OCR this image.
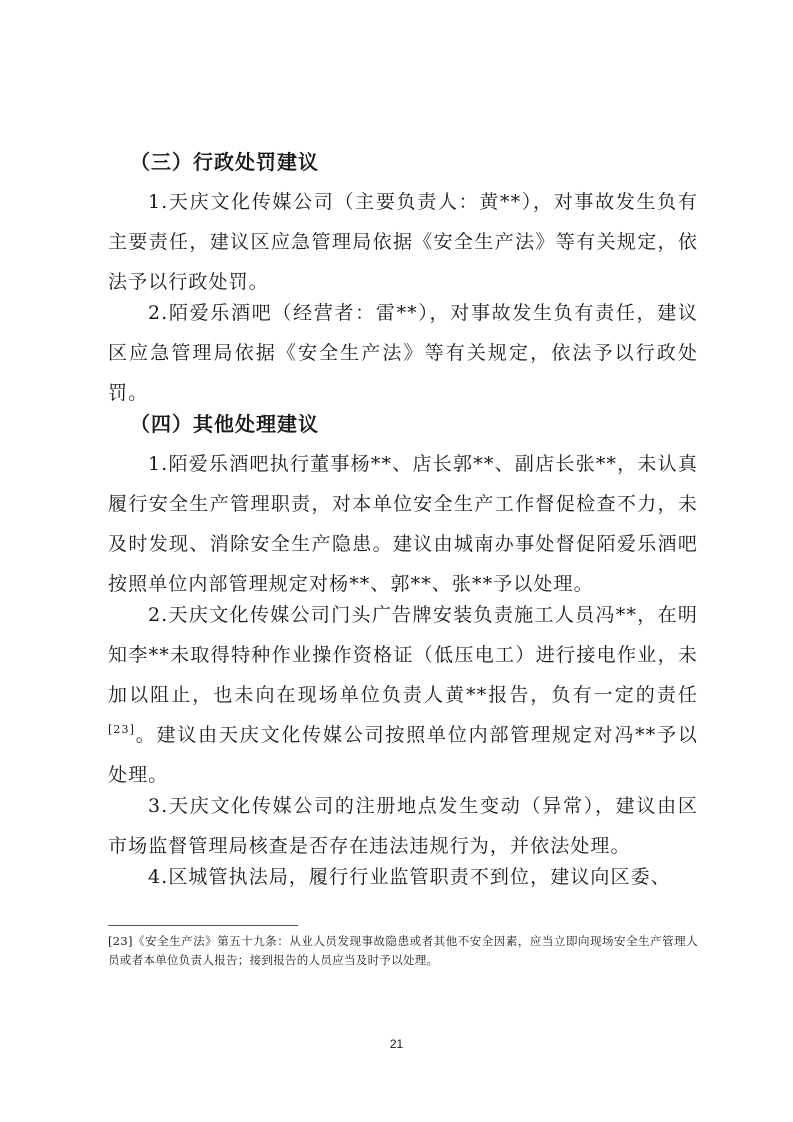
（三）行政处罚建议

1.天庆文化传媒公司（主要负责人：黄**），对事故发生负有主要责任，建议区应急管理局依据《安全生产法》等有关规定，依法予以行政处罚。

2.陌爱乐酒吧（经营者：雷**），对事故发生负有责任，建议区应急管理局依据《安全生产法》等有关规定，依法予以行政处罚。

（四）其他处理建议

1.陌爱乐酒吧执行董事杨**、店长郭**、副店长张**，未认真履行安全生产管理职责，对本单位安全生产工作督促检查不力，未及时发现、消除安全生产隐患。建议由城南办事处督促陌爱乐酒吧按照单位内部管理规定对杨**、郭**、张**予以处理。

2.天庆文化传媒公司门头广告牌安装负责施工人员冯**，在明知李**未取得特种作业操作资格证（低压电工）进行接电作业，未加以阻止，也未向在现场单位负责人黄**报告，负有一定的责任[23]。建议由天庆文化传媒公司按照单位内部管理规定对冯**予以处理。

3.天庆文化传媒公司的注册地点发生变动（异常），建议由区市场监督管理局核查是否存在违法违规行为，并依法处理。

4.区城管执法局，履行行业监管职责不到位，建议向区委、

[23]《安全生产法》第五十九条：从业人员发现事故隐患或者其他不安全因素，应当立即向现场安全生产管理人员或者本单位负责人报告；接到报告的人员应当及时予以处理。
21
